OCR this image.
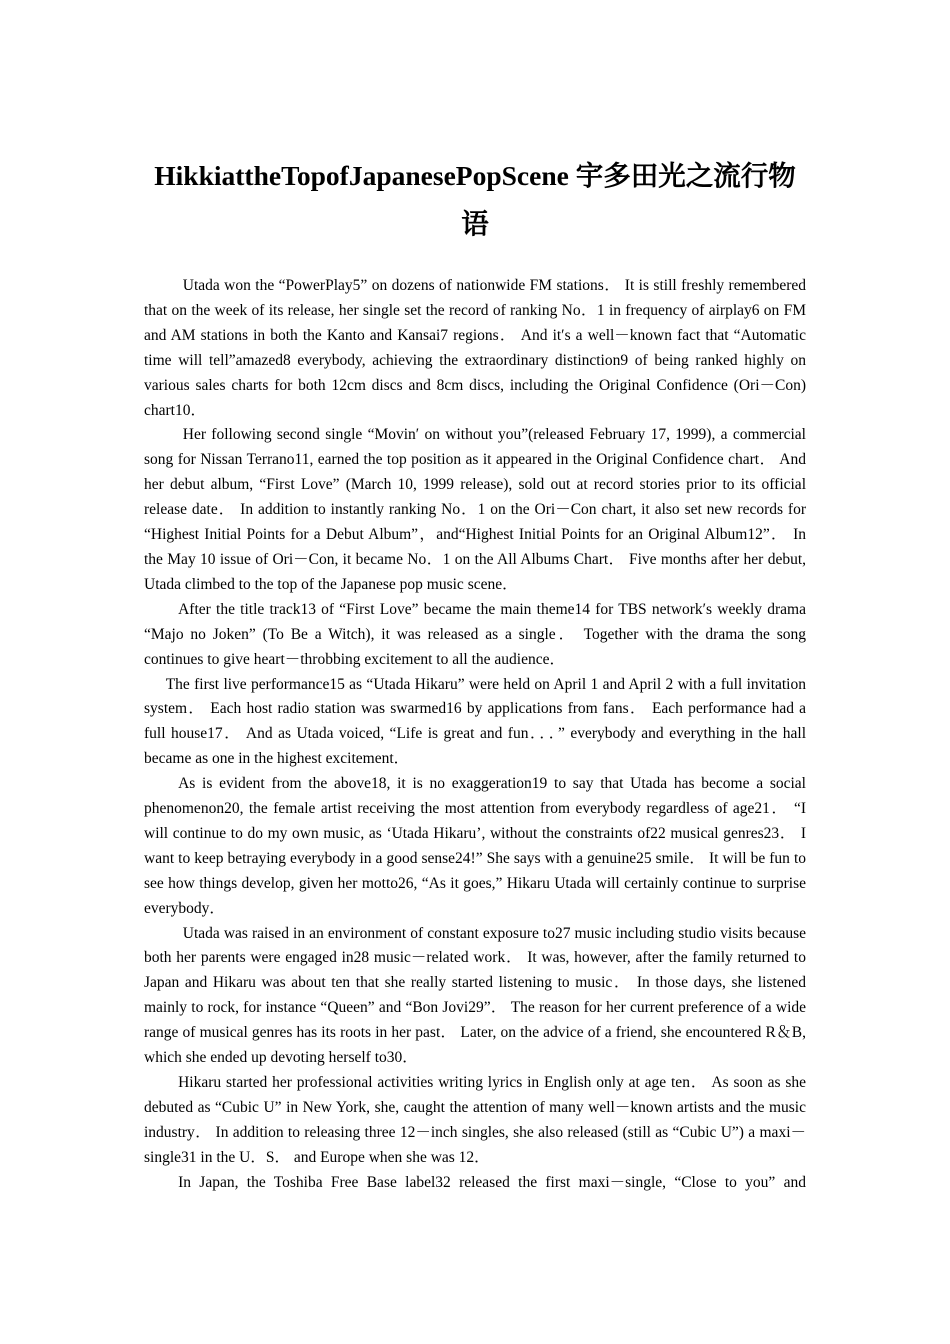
HikkiattheTopofJapanesePopScene 宇多田光之流行物语

Utada won the “PowerPlay5” on dozens of nationwide FM stations． It is still freshly remembered that on the week of its release, her single set the record of ranking No．1 in frequency of airplay6 on FM and AM stations in both the Kanto and Kansai7 regions． And it′s a well－known fact that “Automatic time will tell”amazed8 everybody, achieving the extraordinary distinction9 of being ranked highly on various sales charts for both 12cm discs and 8cm discs, including the Original Confidence (Ori－Con) chart10．

Her following second single “Movin′ on without you”(released February 17, 1999), a commercial song for Nissan Terrano11, earned the top position as it appeared in the Original Confidence chart． And her debut album, “First Love” (March 10, 1999 release), sold out at record stories prior to its official release date． In addition to instantly ranking No．1 on the Ori－Con chart, it also set new records for “Highest Initial Points for a Debut Album”，and“Highest Initial Points for an Original Album12”． In the May 10 issue of Ori－Con, it became No．1 on the All Albums Chart． Five months after her debut, Utada climbed to the top of the Japanese pop music scene．

After the title track13 of “First Love” became the main theme14 for TBS network′s weekly drama “Majo no Joken” (To Be a Witch), it was released as a single． Together with the drama the song continues to give heart－throbbing excitement to all the audience．

The first live performance15 as “Utada Hikaru” were held on April 1 and April 2 with a full invitation system． Each host radio station was swarmed16 by applications from fans． Each performance had a full house17． And as Utada voiced, “Life is great and fun．．．” everybody and everything in the hall became as one in the highest excitement．

As is evident from the above18, it is no exaggeration19 to say that Utada has become a social phenomenon20, the female artist receiving the most attention from everybody regardless of age21． “I will continue to do my own music, as ‘Utada Hikaru’, without the constraints of22 musical genres23． I want to keep betraying everybody in a good sense24!” She says with a genuine25 smile． It will be fun to see how things develop, given her motto26, “As it goes,” Hikaru Utada will certainly continue to surprise everybody．

Utada was raised in an environment of constant exposure to27 music including studio visits because both her parents were engaged in28 music－related work． It was, however, after the family returned to Japan and Hikaru was about ten that she really started listening to music． In those days, she listened mainly to rock, for instance “Queen” and “Bon Jovi29”． The reason for her current preference of a wide range of musical genres has its roots in her past． Later, on the advice of a friend, she encountered R＆B, which she ended up devoting herself to30．

Hikaru started her professional activities writing lyrics in English only at age ten． As soon as she debuted as “Cubic U” in New York, she, caught the attention of many well－known artists and the music industry． In addition to releasing three 12－inch singles, she also released (still as “Cubic U”) a maxi－single31 in the U．S． and Europe when she was 12．

In Japan, the Toshiba Free Base label32 released the first maxi－single, “Close to you” and
